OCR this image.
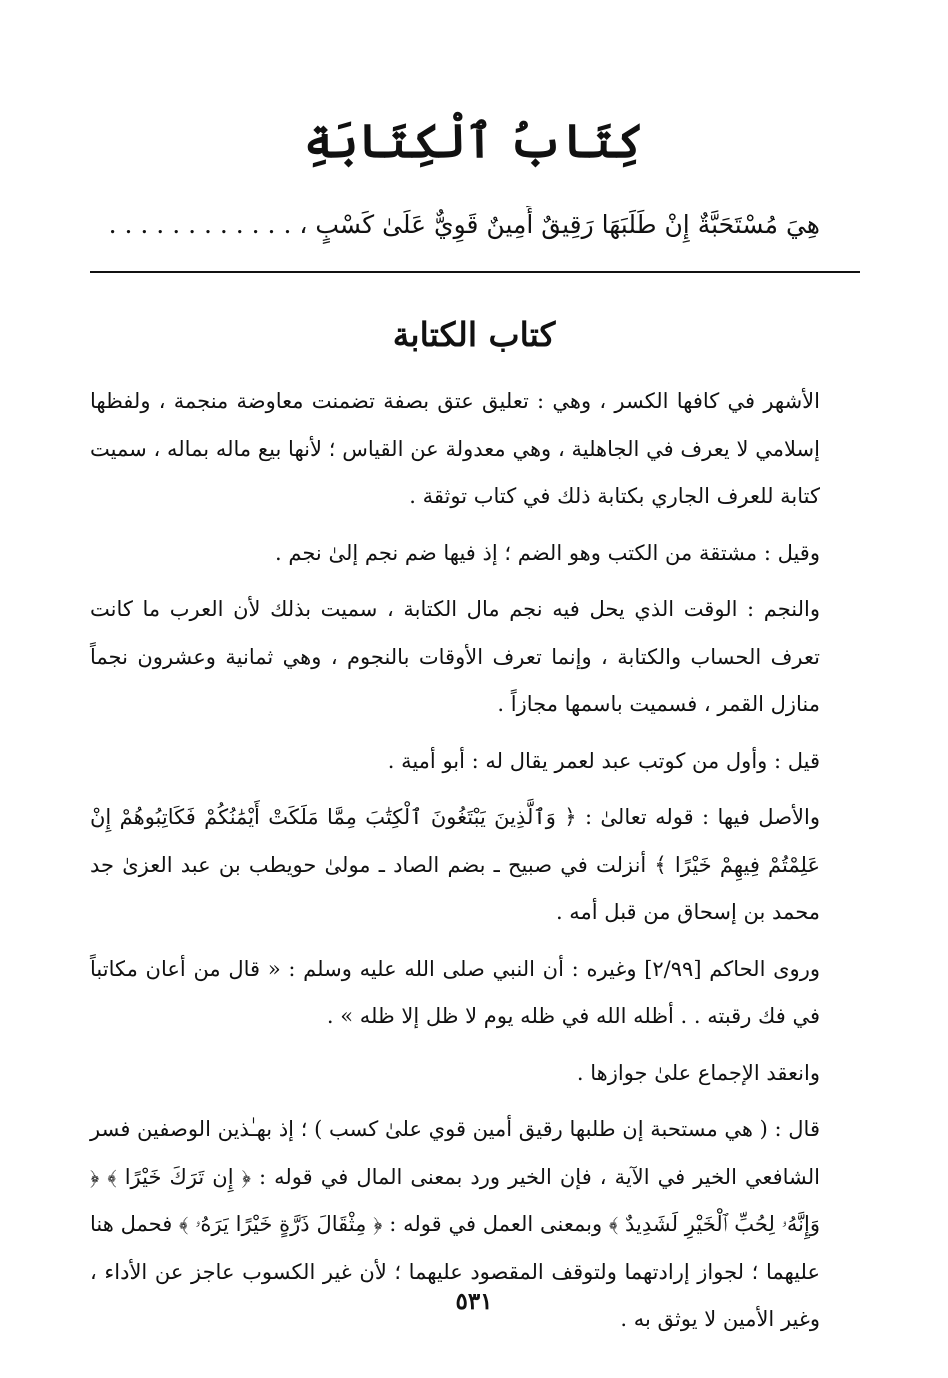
كِتَابُ ٱلْكِتَابَةِ
هِيَ مُسْتَحَبَّةٌ إِنْ طَلَبَهَا رَقِيقٌ أَمِينٌ قَوِيٌّ عَلَىٰ كَسْبٍ ، . . . . . . . . . . . .
كتاب الكتابة

الأشهر في كافها الكسر ، وهي : تعليق عتق بصفة تضمنت معاوضة منجمة ، ولفظها إسلامي لا يعرف في الجاهلية ، وهي معدولة عن القياس ؛ لأنها بيع ماله بماله ، سميت كتابة للعرف الجاري بكتابة ذلك في كتاب توثقة .

وقيل : مشتقة من الكتب وهو الضم ؛ إذ فيها ضم نجم إلىٰ نجم .

والنجم : الوقت الذي يحل فيه نجم مال الكتابة ، سميت بذلك لأن العرب ما كانت تعرف الحساب والكتابة ، وإنما تعرف الأوقات بالنجوم ، وهي ثمانية وعشرون نجماً منازل القمر ، فسميت باسمها مجازاً .

قيل : وأول من كوتب عبد لعمر يقال له : أبو أمية .

والأصل فيها : قوله تعالىٰ : ﴿ وَٱلَّذِينَ يَبْتَغُونَ ٱلْكِتَٰبَ مِمَّا مَلَكَتْ أَيْمَٰنُكُمْ فَكَاتِبُوهُمْ إِنْ عَلِمْتُمْ فِيهِمْ خَيْرًا ﴾ أنزلت في صبيح ـ بضم الصاد ـ مولىٰ حويطب بن عبد العزىٰ جد محمد بن إسحاق من قبل أمه .

وروى الحاكم [٢/٩٩] وغيره : أن النبي صلى الله عليه وسلم : « قال من أعان مكاتباً في فك رقبته . . أظله الله في ظله يوم لا ظل إلا ظله » .

وانعقد الإجماع علىٰ جوازها .

قال : ( هي مستحبة إن طلبها رقيق أمين قوي علىٰ كسب ) ؛ إذ بهـٰذين الوصفين فسر الشافعي الخير في الآية ، فإن الخير ورد بمعنى المال في قوله : ﴿ إِن تَرَكَ خَيْرًا ﴾ ﴿ وَإِنَّهُۥ لِحُبِّ ٱلْخَيْرِ لَشَدِيدٌ ﴾ وبمعنى العمل في قوله : ﴿ مِثْقَالَ ذَرَّةٍ خَيْرًا يَرَهُۥ ﴾ فحمل هنا عليهما ؛ لجواز إرادتهما ولتوقف المقصود عليهما ؛ لأن غير الكسوب عاجز عن الأداء ، وغير الأمين لا يوثق به .

٥٣١
